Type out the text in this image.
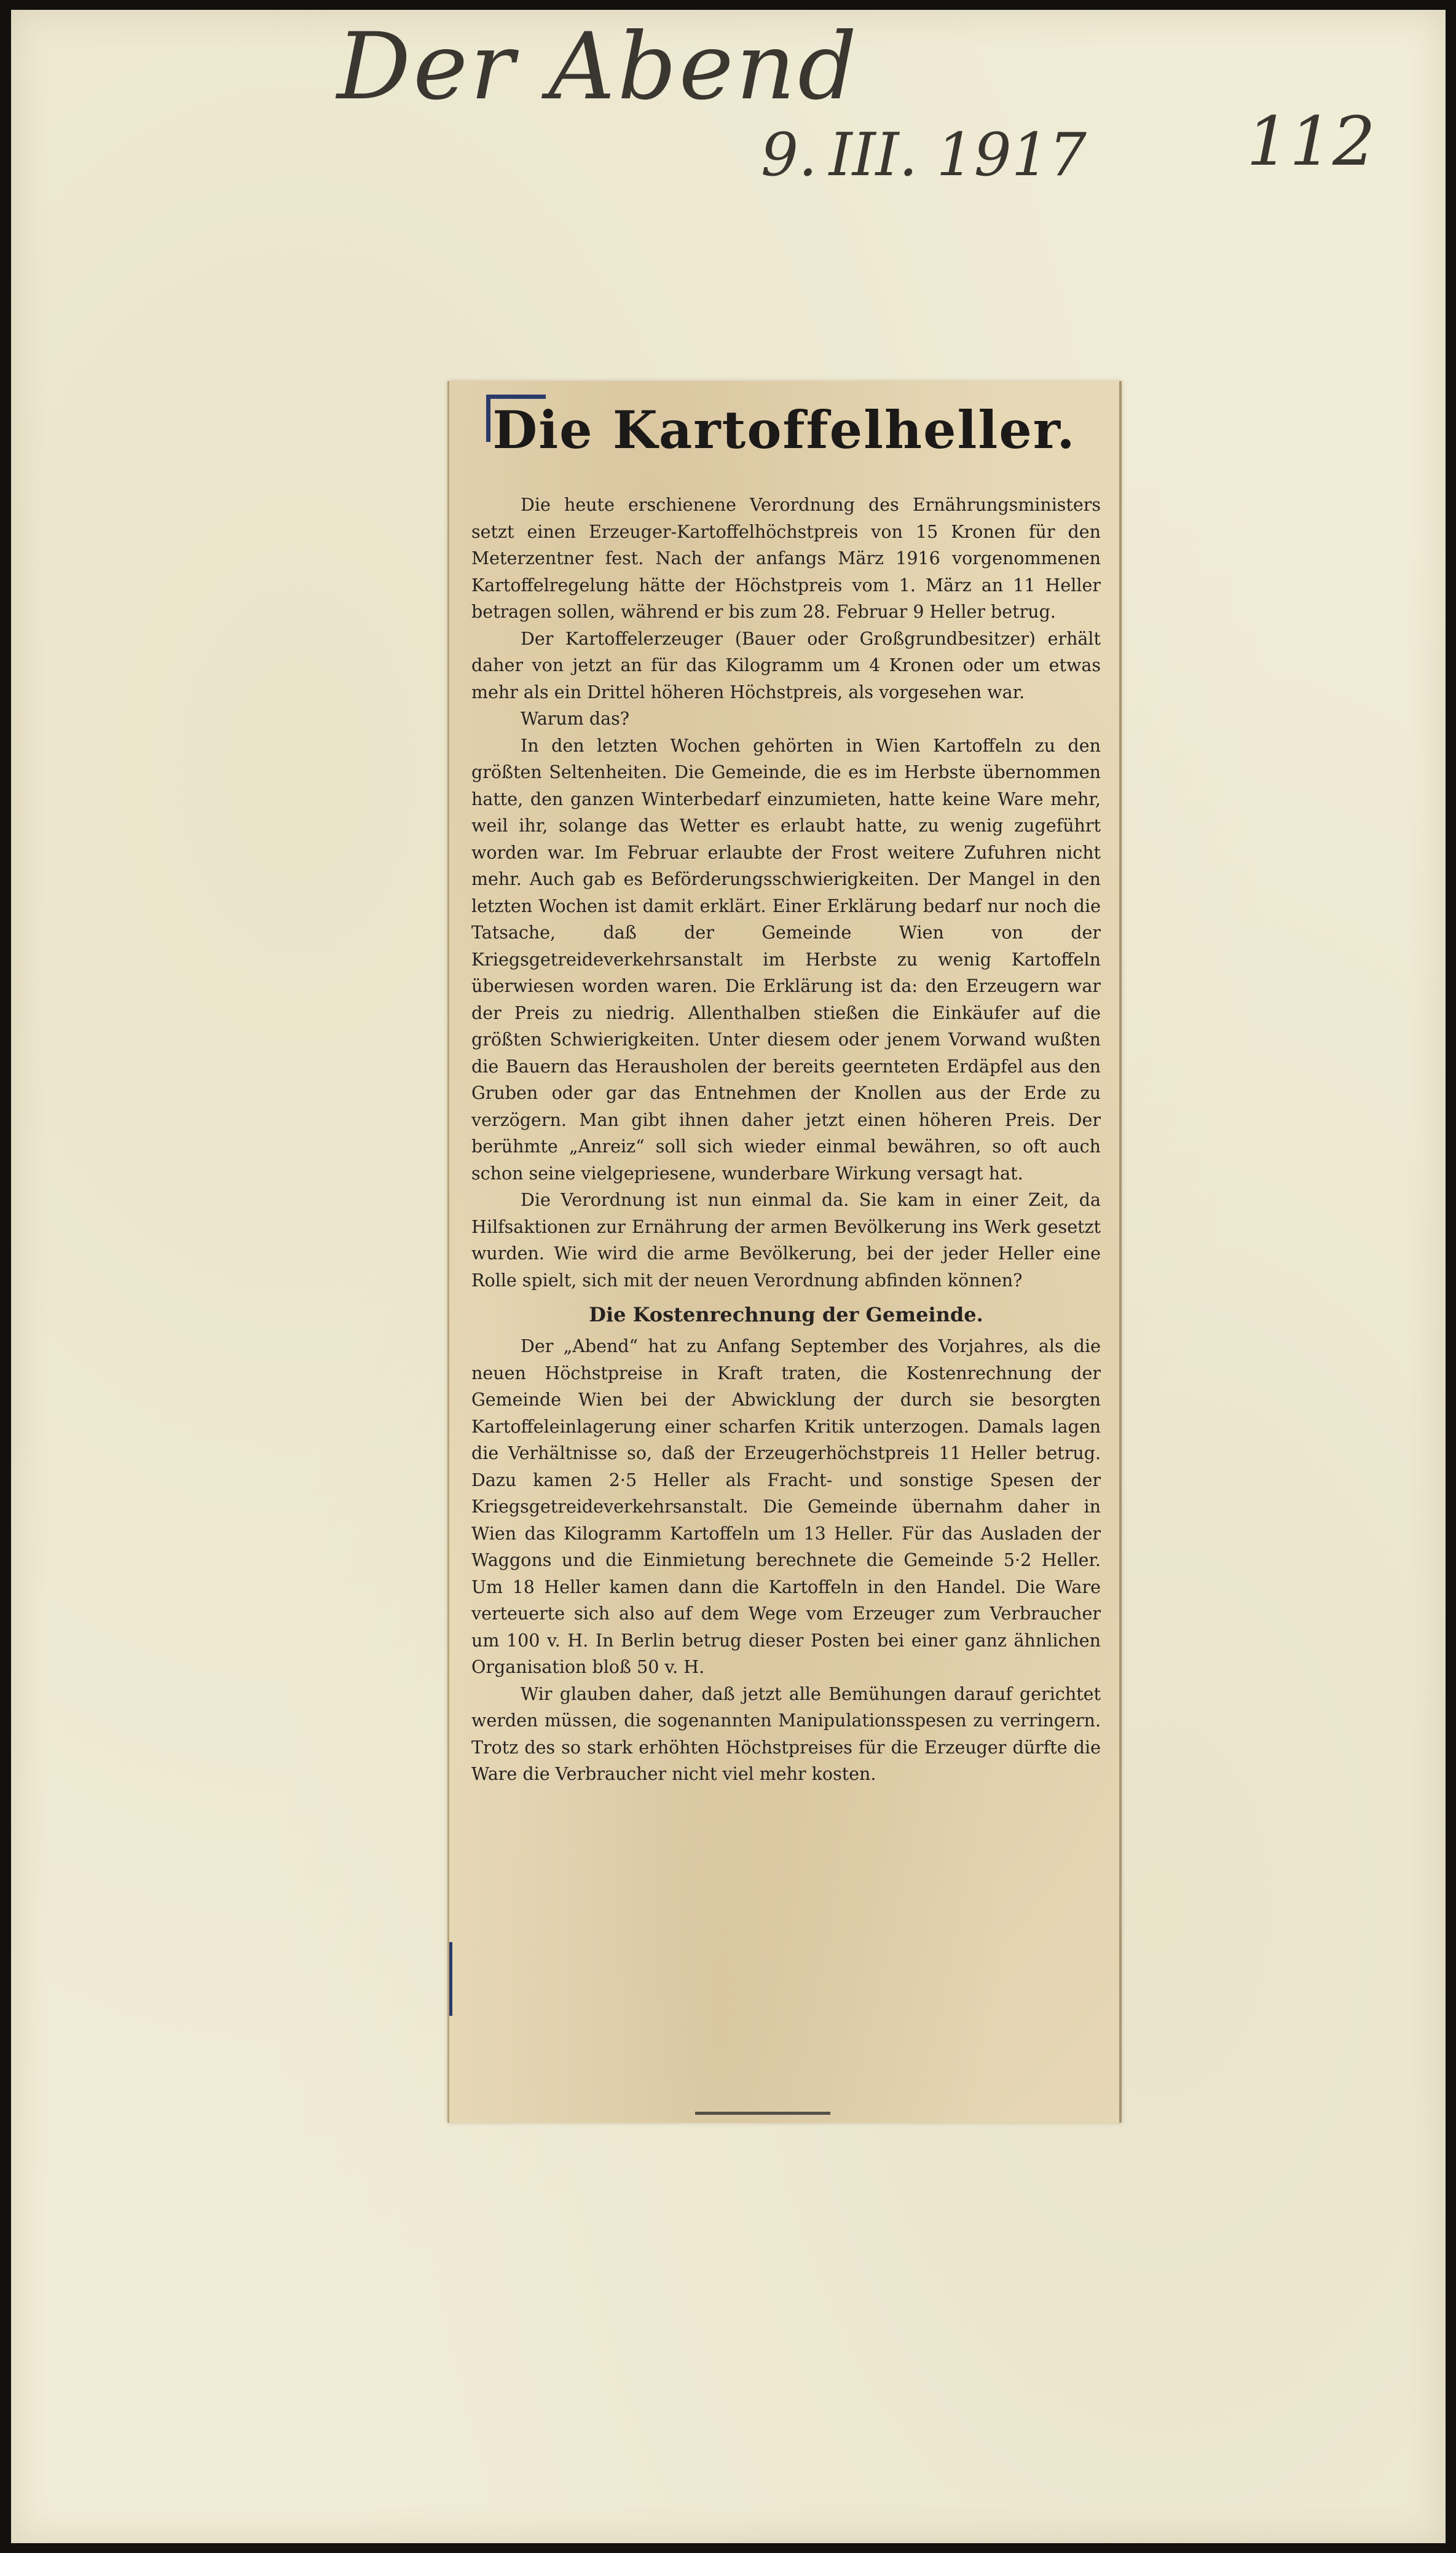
Der Abend
9. III. 1917 112
Die Kartoffelheller.

Die heute erschienene Verordnung des Ernährungsministers setzt einen Erzeuger-Kartoffelhöchstpreis von 15 Kronen für den Meterzentner fest. Nach der anfangs März 1916 vorgenommenen Kartoffelregelung hätte der Höchstpreis vom 1. März an 11 Heller betragen sollen, während er bis zum 28. Februar 9 Heller betrug.

Der Kartoffelerzeuger (Bauer oder Großgrundbesitzer) erhält daher von jetzt an für das Kilogramm um 4 Kronen oder um etwas mehr als ein Drittel höheren Höchstpreis, als vorgesehen war.

Warum das?

In den letzten Wochen gehörten in Wien Kartoffeln zu den größten Seltenheiten. Die Gemeinde, die es im Herbste übernommen hatte, den ganzen Winterbedarf einzumieten, hatte keine Ware mehr, weil ihr, solange das Wetter es erlaubt hatte, zu wenig zugeführt worden war. Im Februar erlaubte der Frost weitere Zufuhren nicht mehr. Auch gab es Beförderungsschwierigkeiten. Der Mangel in den letzten Wochen ist damit erklärt. Einer Erklärung bedarf nur noch die Tatsache, daß der Gemeinde Wien von der Kriegsgetreideverkehrsanstalt im Herbste zu wenig Kartoffeln überwiesen worden waren. Die Erklärung ist da: den Erzeugern war der Preis zu niedrig. Allenthalben stießen die Einkäufer auf die größten Schwierigkeiten. Unter diesem oder jenem Vorwand wußten die Bauern das Herausholen der bereits geernteten Erdäpfel aus den Gruben oder gar das Entnehmen der Knollen aus der Erde zu verzögern. Man gibt ihnen daher jetzt einen höheren Preis. Der berühmte „Anreiz“ soll sich wieder einmal bewähren, so oft auch schon seine vielgepriesene, wunderbare Wirkung versagt hat.

Die Verordnung ist nun einmal da. Sie kam in einer Zeit, da Hilfsaktionen zur Ernährung der armen Bevölkerung ins Werk gesetzt wurden. Wie wird die arme Bevölkerung, bei der jeder Heller eine Rolle spielt, sich mit der neuen Verordnung abfinden können?

Die Kostenrechnung der Gemeinde.

Der „Abend“ hat zu Anfang September des Vorjahres, als die neuen Höchstpreise in Kraft traten, die Kostenrechnung der Gemeinde Wien bei der Abwicklung der durch sie besorgten Kartoffeleinlagerung einer scharfen Kritik unterzogen. Damals lagen die Verhältnisse so, daß der Erzeugerhöchstpreis 11 Heller betrug. Dazu kamen 2·5 Heller als Fracht- und sonstige Spesen der Kriegsgetreideverkehrsanstalt. Die Gemeinde übernahm daher in Wien das Kilogramm Kartoffeln um 13 Heller. Für das Ausladen der Waggons und die Einmietung berechnete die Gemeinde 5·2 Heller. Um 18 Heller kamen dann die Kartoffeln in den Handel. Die Ware verteuerte sich also auf dem Wege vom Erzeuger zum Verbraucher um 100 v. H. In Berlin betrug dieser Posten bei einer ganz ähnlichen Organisation bloß 50 v. H.

Wir glauben daher, daß jetzt alle Bemühungen darauf gerichtet werden müssen, die sogenannten Manipulationsspesen zu verringern. Trotz des so stark erhöhten Höchstpreises für die Erzeuger dürfte die Ware die Verbraucher nicht viel mehr kosten.
